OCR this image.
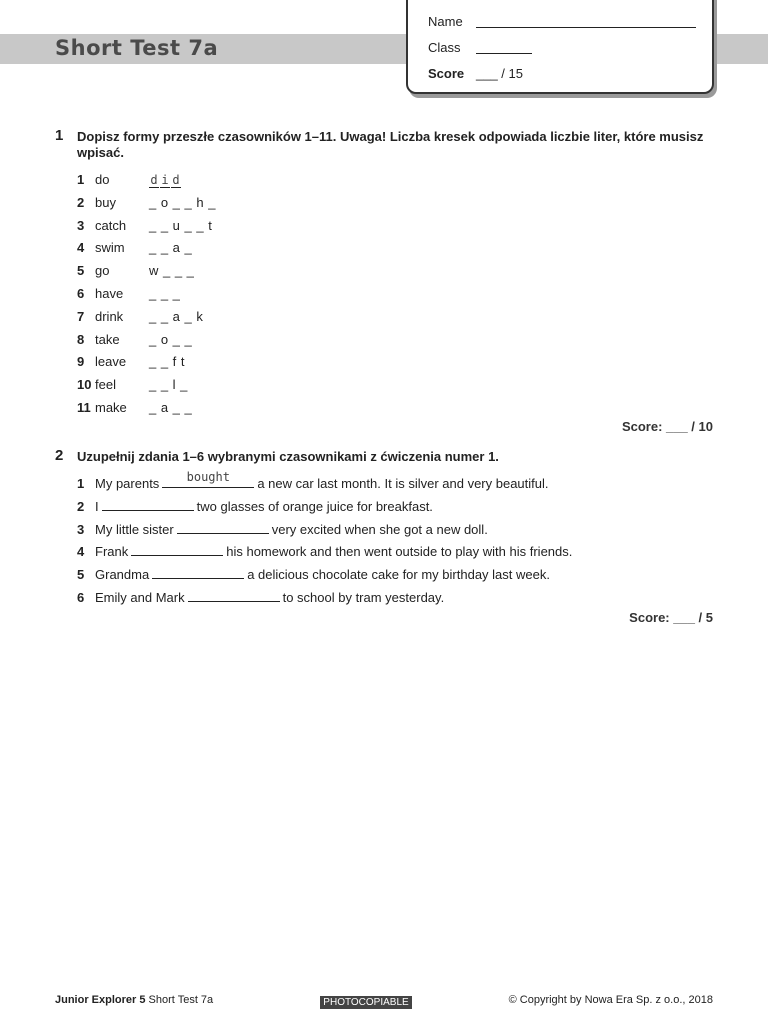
Short Test 7a
Name
Class
Score ___ / 15
1 Dopisz formy przeszłe czasowników 1–11. Uwaga! Liczba kresek odpowiada liczbie liter, które musisz wpisać.
1 do	d i d
2 buy	_ o _ _ h _
3 catch _ _ u _ _ t
4 swim _ _ a _
5 go	w _ _ _
6 have _ _ _
7 drink _ _ a _ k
8 take _ o _ _
9 leave _ _ f t
10 feel	_ _ l _
11 make _ a _ _
Score: ___ / 10
2 Uzupełnij zdania 1–6 wybranymi czasownikami z ćwiczenia numer 1.
1 My parents	bought	a new car last month. It is silver and very beautiful.
2 I	two glasses of orange juice for breakfast.
3 My little sister	very excited when she got a new doll.
4 Frank	his homework and then went outside to play with his friends.
5 Grandma	a delicious chocolate cake for my birthday last week.
6 Emily and Mark	to school by tram yesterday.
Score: ___ / 5
Junior Explorer 5 Short Test 7a	PHOTOCOPIABLE	© Copyright by Nowa Era Sp. z o.o., 2018
